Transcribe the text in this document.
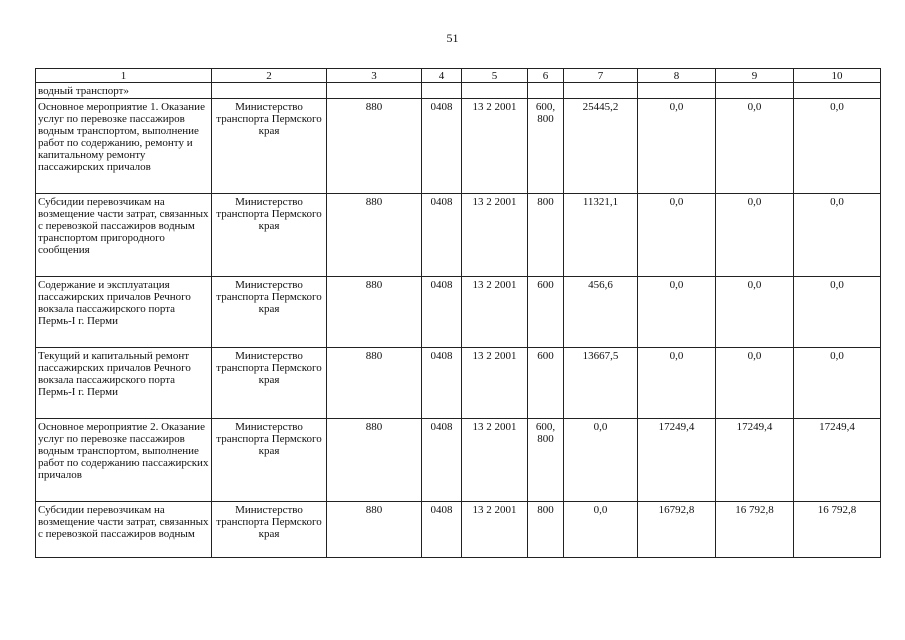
51
1	2	3	4	5	6	7	8	9	10
водный транспорт»									
Основное мероприятие 1. Оказание услуг по перевозке пассажиров водным транспортом, выполнение работ по содержанию, ремонту и капитальному ремонту пассажирских причалов	Министерство транспорта Пермского края	880	0408	13 2 2001	600, 800	25445,2	0,0	0,0	0,0
Субсидии перевозчикам на возмещение части затрат, связанных с перевозкой пассажиров водным транспортом пригородного сообщения	Министерство транспорта Пермского края	880	0408	13 2 2001	800	11321,1	0,0	0,0	0,0
Содержание и эксплуатация пассажирских причалов Речного вокзала пассажирского порта Пермь-I г. Перми	Министерство транспорта Пермского края	880	0408	13 2 2001	600	456,6	0,0	0,0	0,0
Текущий и капитальный ремонт пассажирских причалов Речного вокзала пассажирского порта Пермь-I г. Перми	Министерство транспорта Пермского края	880	0408	13 2 2001	600	13667,5	0,0	0,0	0,0
Основное мероприятие 2. Оказание услуг по перевозке пассажиров водным транспортом, выполнение работ по содержанию пассажирских причалов	Министерство транспорта Пермского края	880	0408	13 2 2001	600, 800	0,0	17249,4	17249,4	17249,4
Субсидии перевозчикам на возмещение части затрат, связанных с перевозкой пассажиров водным	Министерство транспорта Пермского края	880	0408	13 2 2001	800	0,0	16792,8	16 792,8	16 792,8
